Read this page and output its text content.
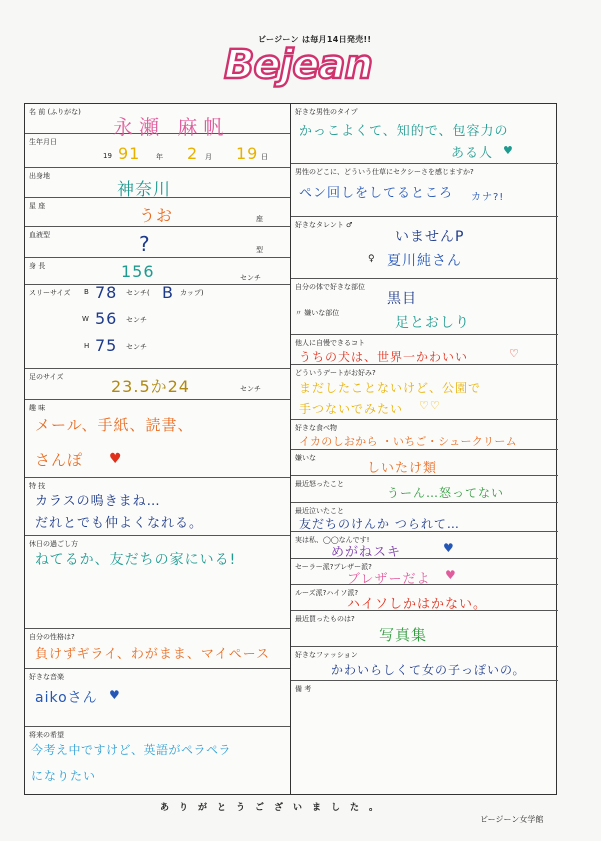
ビージーン は毎月14日発売!!
Bejean
名 前 (ふりがな)
永瀬 麻帆
生年月日
19 91 年 2 月 19 日
出身地
神奈川
星 座	うお	座
血液型	?	型
身 長	156	センチ
スリーサイズ B 78 センチ( B カップ)
W 56 センチ
H 75 センチ
足のサイズ	23.5か24	センチ
趣 味
メール、手紙、読書、
さんぽ ♥
特 技
カラスの鳴きまね…
だれとでも仲よくなれる。
休日の過ごし方
ねてるか、友だちの家にいる!
自分の性格は?
負けずギライ、わがまま、マイペース
好きな音楽
aikoさん ♥
将来の希望
今考え中ですけど、英語がペラペラ
になりたい
好きな男性のタイプ
かっこよくて、知的で、包容力の
ある人 ♥
男性のどこに、どういう仕草にセクシーさを感じますか?
ペン回しをしてるところ カナ?!
好きなタレント ♂
いませんP
♀ 夏川純さん
自分の体で好きな部位
黒目
〃 嫌いな部位
足とおしり
他人に自慢できるコト
うちの犬は、世界一かわいい	♡
どういうデートがお好み?
まだしたことないけど、公園で
手つないでみたい ♡♡
好きな食べ物
イカのしおから ・いちご・シュークリーム
嫌いな
しいたけ類
最近怒ったこと
うーん…怒ってない
最近泣いたこと
友だちのけんか つられて…
実は私、◯◯なんです!
めがねスキ	♥
セーラー派?ブレザー派?
ブレザーだよ ♥
ルーズ派?ハイソ派?
ハイソしかはかない。
最近買ったものは?
写真集
好きなファッション
かわいらしくて女の子っぽいの。
備 考
ありがとうございました。
ビージーン女学館
